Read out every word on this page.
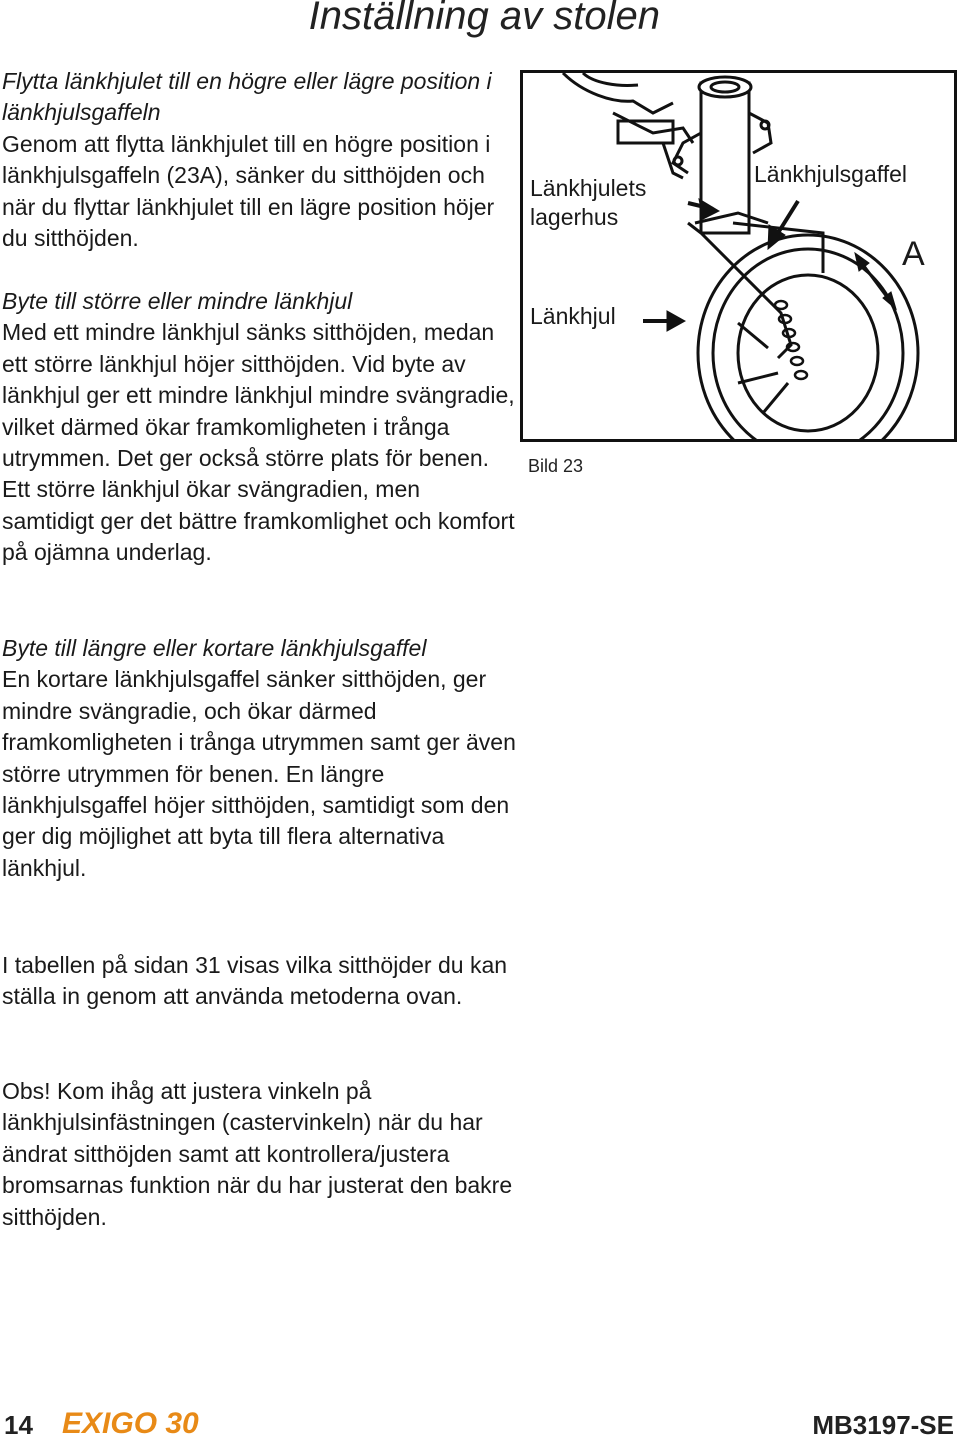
Inställning av stolen
Flytta länkhjulet till en högre eller lägre position i länkhjulsgaffeln
Genom att flytta länkhjulet till en högre position i länkhjulsgaffeln (23A), sänker du sitthöjden och när du flyttar länkhjulet till en lägre position höjer du sitthöjden.
Byte till större eller mindre länkhjul
Med ett mindre länkhjul sänks sitthöjden, medan ett större länkhjul höjer sitthöjden. Vid byte av länkhjul ger ett mindre länkhjul mindre svängradie, vilket därmed ökar framkomligheten i trånga utrymmen. Det ger också större plats för benen. Ett större länkhjul ökar svängradien, men samtidigt ger det bättre framkomlighet och komfort på ojämna underlag.
Byte till längre eller kortare länkhjulsgaffel
En kortare länkhjulsgaffel sänker sitthöjden, ger mindre svängradie, och ökar därmed framkomligheten i trånga utrymmen samt ger även större utrymmen för benen. En längre länkhjulsgaffel höjer sitthöjden, samtidigt som den ger dig möjlighet att byta till flera alternativa länkhjul.
I tabellen på sidan 31 visas vilka sitthöjder du kan ställa in genom att använda metoderna ovan.
Obs! Kom ihåg att justera vinkeln på länkhjulsinfästningen (castervinkeln) när du har ändrat sitthöjden samt att kontrollera/justera bromsarnas funktion när du har justerat den bakre sitthöjden.
Länkhjulets
lagerhus
Länkhjulsgaffel
Länkhjul
A
Bild 23
14 EXIGO 30	MB3197-SE
